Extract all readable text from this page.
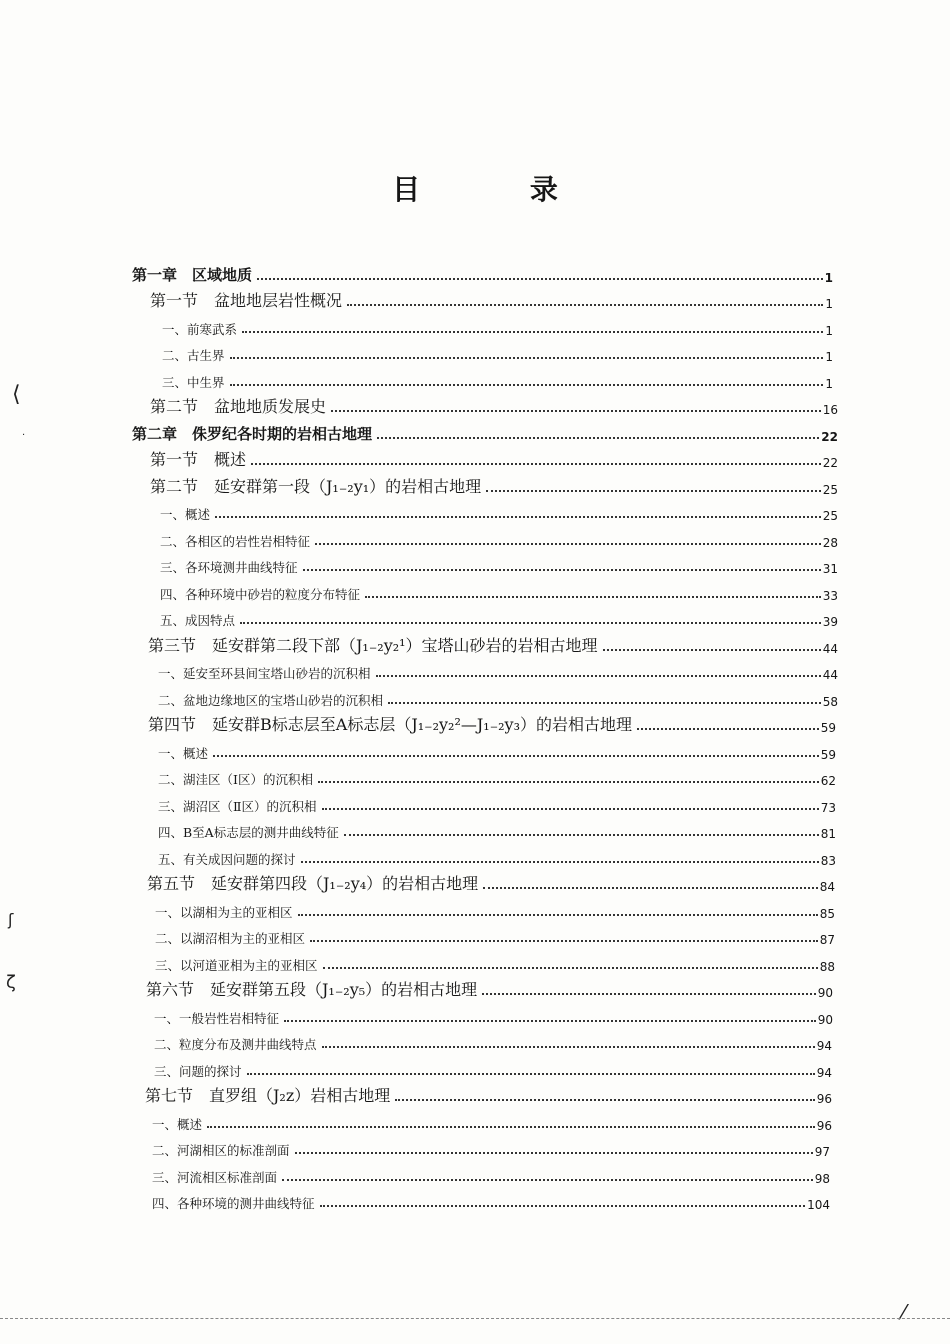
目 录
第一章　区域地质	1
第一节　盆地地层岩性概况	1
一、前寒武系	1
二、古生界	1
三、中生界	1
第二节　盆地地质发展史	16
第二章　侏罗纪各时期的岩相古地理	22
第一节　概述	22
第二节　延安群第一段（J₁₋₂y₁）的岩相古地理	25
一、概述	25
二、各相区的岩性岩相特征	28
三、各环境测井曲线特征	31
四、各种环境中砂岩的粒度分布特征	33
五、成因特点	39
第三节　延安群第二段下部（J₁₋₂y₂¹）宝塔山砂岩的岩相古地理	44
一、延安至环县间宝塔山砂岩的沉积相	44
二、盆地边缘地区的宝塔山砂岩的沉积相	58
第四节　延安群B标志层至A标志层（J₁₋₂y₂²—J₁₋₂y₃）的岩相古地理	59
一、概述	59
二、湖洼区（Ⅰ区）的沉积相	62
三、湖沼区（Ⅱ区）的沉积相	73
四、B至A标志层的测井曲线特征	81
五、有关成因问题的探讨	83
第五节　延安群第四段（J₁₋₂y₄）的岩相古地理	84
一、以湖相为主的亚相区	85
二、以湖沼相为主的亚相区	87
三、以河道亚相为主的亚相区	88
第六节　延安群第五段（J₁₋₂y₅）的岩相古地理	90
一、一般岩性岩相特征	90
二、粒度分布及测井曲线特点	94
三、问题的探讨	94
第七节　直罗组（J₂z）岩相古地理	96
一、概述	96
二、河湖相区的标准剖面	97
三、河流相区标准剖面	98
四、各种环境的测井曲线特征	104
⟨
·
ʃ
ζ
⁄
